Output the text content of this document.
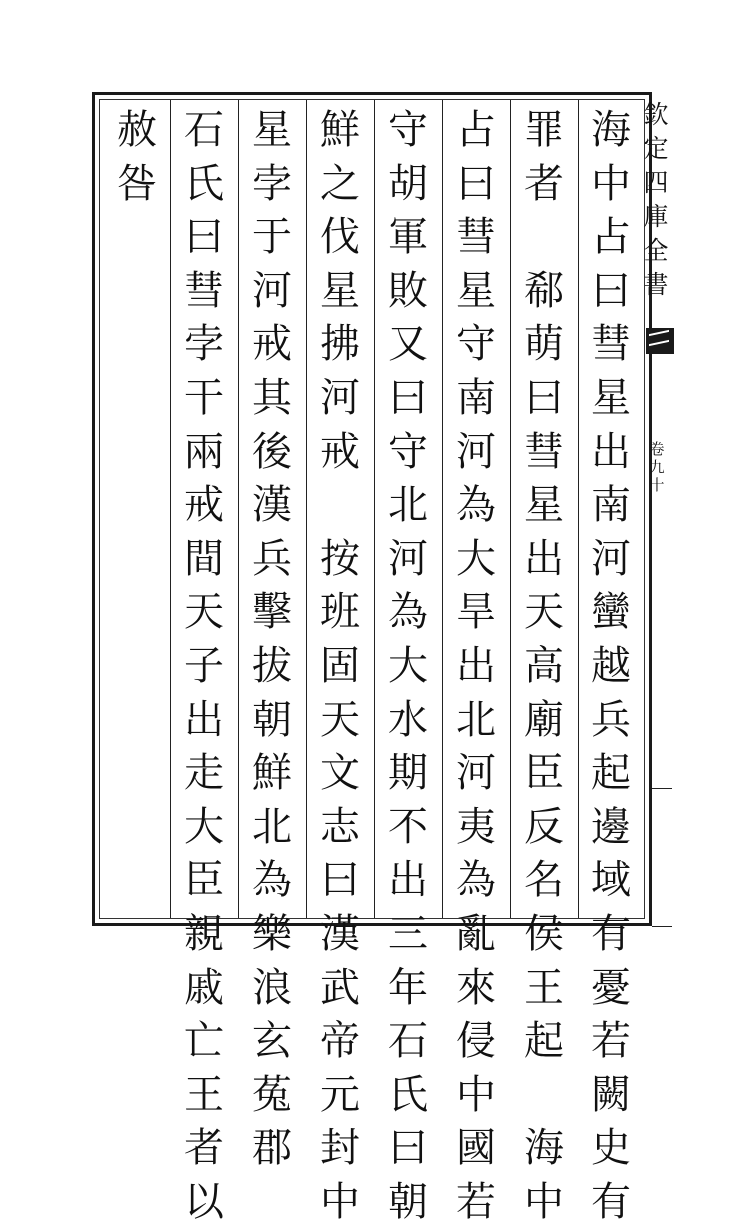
海
中
占
曰
彗
星
出
南
河
蠻
越
兵
起
邊
域
有
憂
若
闕
史
有
罪
者
郗
萌
曰
彗
星
出
天
高
廟
臣
反
名
侯
王
起
海
中
占
曰
彗
星
守
南
河
為
大
旱
出
北
河
夷
為
亂
來
侵
中
國
若
守
胡
軍
敗
又
曰
守
北
河
為
大
水
期
不
出
三
年
石
氏
曰
朝
鮮
之
伐
星
拂
河
戒
按
班
固
天
文
志
曰
漢
武
帝
元
封
中
星
孛
于
河
戒
其
後
漢
兵
擊
拔
朝
鮮
北
為
樂
浪
玄
菟
郡
石
氏
曰
彗
孛
干
兩
戒
間
天
子
出
走
大
臣
親
戚
亡
王
者
以
赦
咎
欽
定
四
庫
全
書
卷
九
十
